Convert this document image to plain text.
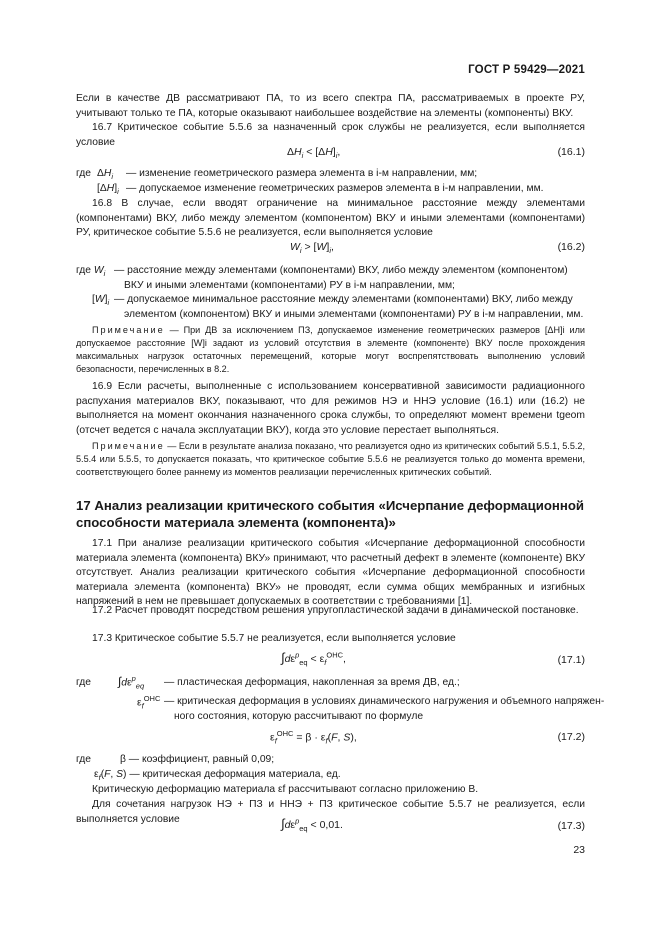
ГОСТ Р 59429—2021
Если в качестве ДВ рассматривают ПА, то из всего спектра ПА, рассматриваемых в проекте РУ, учитывают только те ПА, которые оказывают наибольшее воздействие на элементы (компоненты) ВКУ.
16.7 Критическое событие 5.5.6 за назначенный срок службы не реализуется, если выполняется условие
$\Delta H_i < [\Delta H]_i$,	(16.1)
где $\Delta H_i$ — изменение геометрического размера элемента в i-м направлении, мм;
$[\Delta H]_i$ — допускаемое изменение геометрических размеров элемента в i-м направлении, мм.
16.8 В случае, если вводят ограничение на минимальное расстояние между элементами (компонентами) ВКУ, либо между элементом (компонентом) ВКУ и иными элементами (компонентами) РУ, критическое событие 5.5.6 не реализуется, если выполняется условие
$W_i > [W]_i$,	(16.2)
где $W_i$ — расстояние между элементами (компонентами) ВКУ, либо между элементом (компонентом)
ВКУ и иными элементами (компонентами) РУ в i-м направлении, мм;
$[W]_i$ — допускаемое минимальное расстояние между элементами (компонентами) ВКУ, либо между
элементом (компонентом) ВКУ и иными элементами (компонентами) РУ в i-м направлении, мм.
Примечание — При ДВ за исключением ПЗ, допускаемое изменение геометрических размеров [ΔH]i или допускаемое расстояние [W]i задают из условий отсутствия в элементе (компоненте) ВКУ после прохождения максимальных нагрузок остаточных перемещений, которые могут воспрепятствовать выполнению условий безопасности, перечисленных в 8.2.
16.9 Если расчеты, выполненные с использованием консервативной зависимости радиационного распухания материалов ВКУ, показывают, что для режимов НЭ и ННЭ условие (16.1) или (16.2) не выполняется на момент окончания назначенного срока службы, то определяют момент времени tgeom (отсчет ведется с начала эксплуатации ВКУ), когда это условие перестает выполняться.
Примечание — Если в результате анализа показано, что реализуется одно из критических событий 5.5.1, 5.5.2, 5.5.4 или 5.5.5, то допускается показать, что критическое событие 5.5.6 не реализуется только до момента времени, соответствующего более раннему из моментов реализации перечисленных критических событий.
17 Анализ реализации критического события «Исчерпание деформационной способности материала элемента (компонента)»
17.1 При анализе реализации критического события «Исчерпание деформационной способности материала элемента (компонента) ВКУ» принимают, что расчетный дефект в элементе (компоненте) ВКУ отсутствует. Анализ реализации критического события «Исчерпание деформационной способности материала элемента (компонента) ВКУ» не проводят, если сумма общих мембранных и изгибных напряжений в нем не превышает допускаемых в соответствии с требованиями [1].
17.2 Расчет проводят посредством решения упругопластической задачи в динамической постановке.
17.3 Критическое событие 5.5.7 не реализуется, если выполняется условие
$\int d\varepsilon^p_{eq} < \varepsilon_f^{ОНС}$,	(17.1)
где $\int d\varepsilon^p_{eq}$ — пластическая деформация, накопленная за время ДВ, ед.;
$\varepsilon_f^{ОНС}$ — критическая деформация в условиях динамического нагружения и объемного напряжен-
ного состояния, которую рассчитывают по формуле
$\varepsilon_f^{ОНС} = \beta \cdot \varepsilon_f(F$, S),	(17.2)
где	β — коэффициент, равный 0,09;
$\varepsilon_f(F$, S) — критическая деформация материала, ед.
Критическую деформацию материала εf рассчитывают согласно приложению В.
Для сочетания нагрузок НЭ + ПЗ и ННЭ + ПЗ критическое событие 5.5.7 не реализуется, если выполняется условие	$\int d\varepsilon^p_{eq} < 0,01$.	(17.3)
23
